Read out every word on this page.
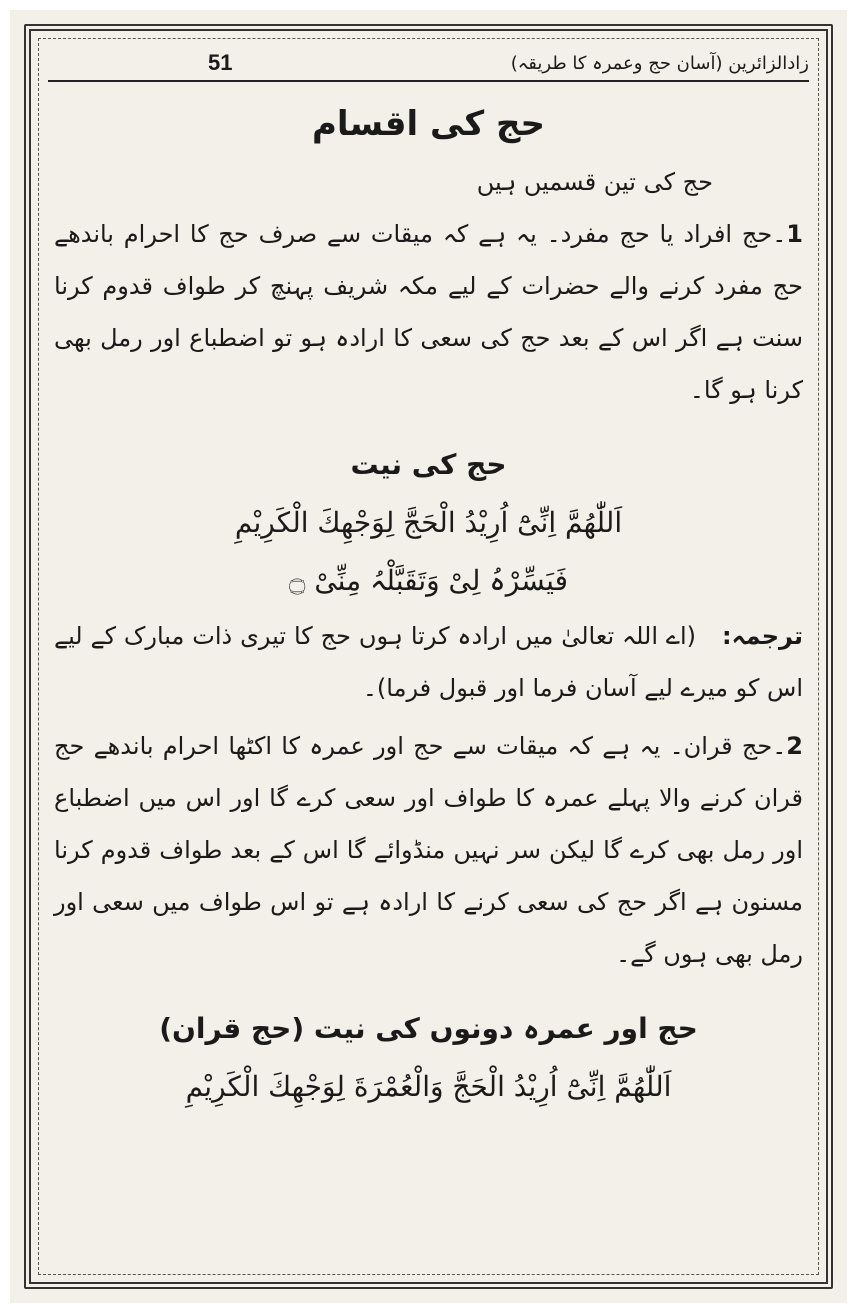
51	زادالزائرین (آسان حج وعمرہ کا طریقہ)
حج کی اقسام

حج کی تین قسمیں ہیں

1۔حج افراد یا حج مفرد۔ یہ ہے کہ میقات سے صرف حج کا احرام باندھے حج مفرد کرنے والے حضرات کے لیے مکہ شریف پہنچ کر طواف قدوم کرنا سنت ہے اگر اس کے بعد حج کی سعی کا ارادہ ہو تو اضطباع اور رمل بھی کرنا ہو گا۔

حج کی نیت
اَللّٰھُمَّ اِنِّیْٓ اُرِیْدُ الْحَجَّ لِوَجْھِكَ الْكَرِیْمِ
فَیَسِّرْہُ لِیْ وَتَقَبَّلْہُ مِنِّیْ ۝

ترجمہ:(اے اللہ تعالیٰ میں ارادہ کرتا ہوں حج کا تیری ذات مبارک کے لیے اس کو میرے لیے آسان فرما اور قبول فرما)۔

2۔حج قران۔ یہ ہے کہ میقات سے حج اور عمرہ کا اکٹھا احرام باندھے حج قران کرنے والا پہلے عمرہ کا طواف اور سعی کرے گا اور اس میں اضطباع اور رمل بھی کرے گا لیکن سر نہیں منڈوائے گا اس کے بعد طواف قدوم کرنا مسنون ہے اگر حج کی سعی کرنے کا ارادہ ہے تو اس طواف میں سعی اور رمل بھی ہوں گے۔

حج اور عمرہ دونوں کی نیت (حج قران)
اَللّٰھُمَّ اِنِّیْٓ اُرِیْدُ الْحَجَّ وَالْعُمْرَةَ لِوَجْھِكَ الْكَرِیْمِ
